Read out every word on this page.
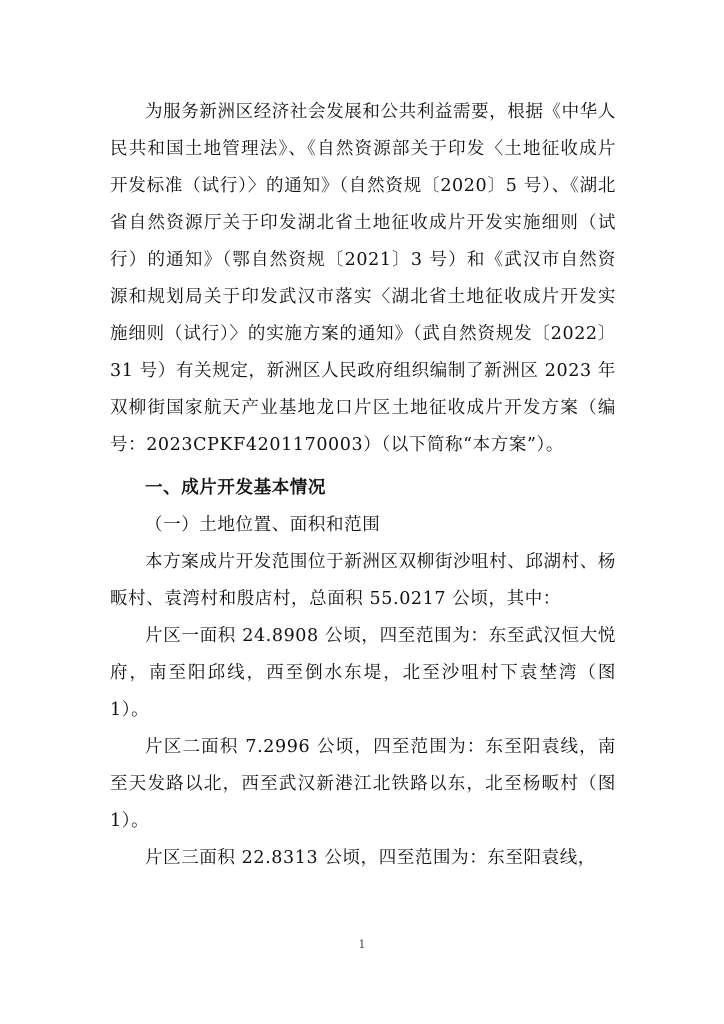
为服务新洲区经济社会发展和公共利益需要，根据《中华人民共和国土地管理法》、《自然资源部关于印发〈土地征收成片开发标准（试行）〉的通知》（自然资规〔2020〕5 号）、《湖北省自然资源厅关于印发湖北省土地征收成片开发实施细则（试行）的通知》（鄂自然资规〔2021〕3 号）和《武汉市自然资源和规划局关于印发武汉市落实〈湖北省土地征收成片开发实施细则（试行）〉的实施方案的通知》（武自然资规发〔2022〕31 号）有关规定，新洲区人民政府组织编制了新洲区 2023 年双柳街国家航天产业基地龙口片区土地征收成片开发方案（编号：2023CPKF4201170003）（以下简称“本方案”）。

一、成片开发基本情况

（一）土地位置、面积和范围

本方案成片开发范围位于新洲区双柳街沙咀村、邱湖村、杨畈村、袁湾村和殷店村，总面积 55.0217 公顷，其中：

片区一面积 24.8908 公顷，四至范围为：东至武汉恒大悦府，南至阳邱线，西至倒水东堤，北至沙咀村下袁埜湾（图1）。

片区二面积 7.2996 公顷，四至范围为：东至阳袁线，南至天发路以北，西至武汉新港江北铁路以东，北至杨畈村（图1）。

片区三面积 22.8313 公顷，四至范围为：东至阳袁线，

1
